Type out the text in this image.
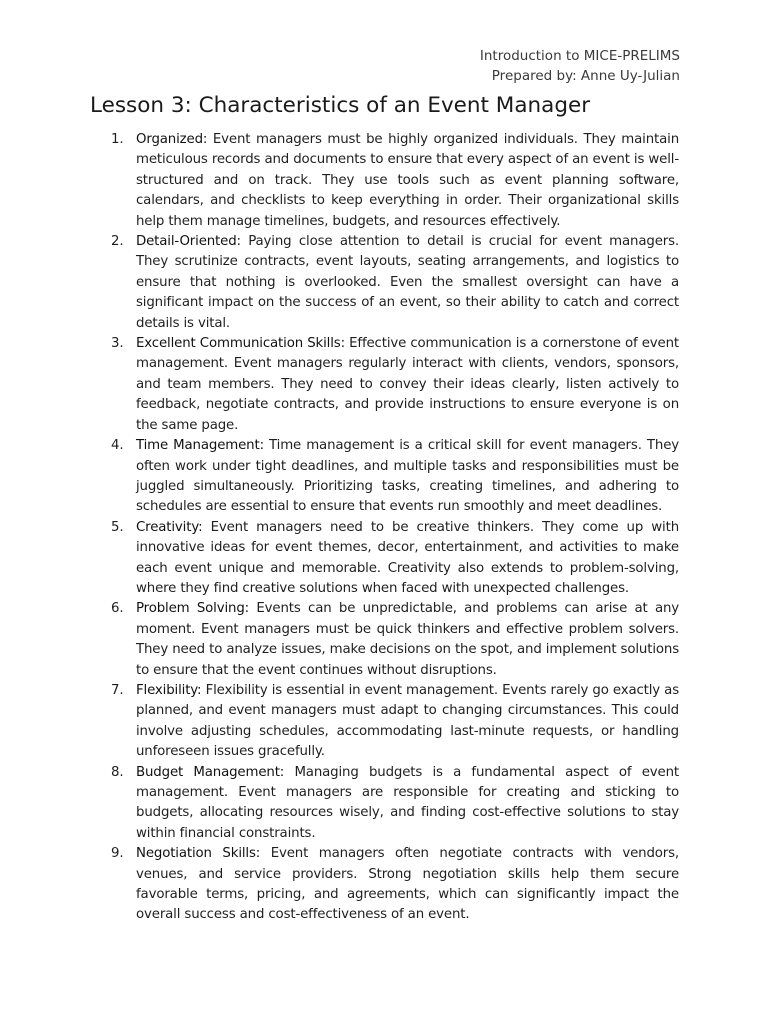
Introduction to MICE-PRELIMS
Prepared by: Anne Uy-Julian
Lesson 3: Characteristics of an Event Manager
1. Organized: Event managers must be highly organized individuals. They maintain meticulous records and documents to ensure that every aspect of an event is well-structured and on track. They use tools such as event planning software, calendars, and checklists to keep everything in order. Their organizational skills help them manage timelines, budgets, and resources effectively.
2. Detail-Oriented: Paying close attention to detail is crucial for event managers. They scrutinize contracts, event layouts, seating arrangements, and logistics to ensure that nothing is overlooked. Even the smallest oversight can have a significant impact on the success of an event, so their ability to catch and correct details is vital.
3. Excellent Communication Skills: Effective communication is a cornerstone of event management. Event managers regularly interact with clients, vendors, sponsors, and team members. They need to convey their ideas clearly, listen actively to feedback, negotiate contracts, and provide instructions to ensure everyone is on the same page.
4. Time Management: Time management is a critical skill for event managers. They often work under tight deadlines, and multiple tasks and responsibilities must be juggled simultaneously. Prioritizing tasks, creating timelines, and adhering to schedules are essential to ensure that events run smoothly and meet deadlines.
5. Creativity: Event managers need to be creative thinkers. They come up with innovative ideas for event themes, decor, entertainment, and activities to make each event unique and memorable. Creativity also extends to problem-solving, where they find creative solutions when faced with unexpected challenges.
6. Problem Solving: Events can be unpredictable, and problems can arise at any moment. Event managers must be quick thinkers and effective problem solvers. They need to analyze issues, make decisions on the spot, and implement solutions to ensure that the event continues without disruptions.
7. Flexibility: Flexibility is essential in event management. Events rarely go exactly as planned, and event managers must adapt to changing circumstances. This could involve adjusting schedules, accommodating last-minute requests, or handling unforeseen issues gracefully.
8. Budget Management: Managing budgets is a fundamental aspect of event management. Event managers are responsible for creating and sticking to budgets, allocating resources wisely, and finding cost-effective solutions to stay within financial constraints.
9. Negotiation Skills: Event managers often negotiate contracts with vendors, venues, and service providers. Strong negotiation skills help them secure favorable terms, pricing, and agreements, which can significantly impact the overall success and cost-effectiveness of an event.
